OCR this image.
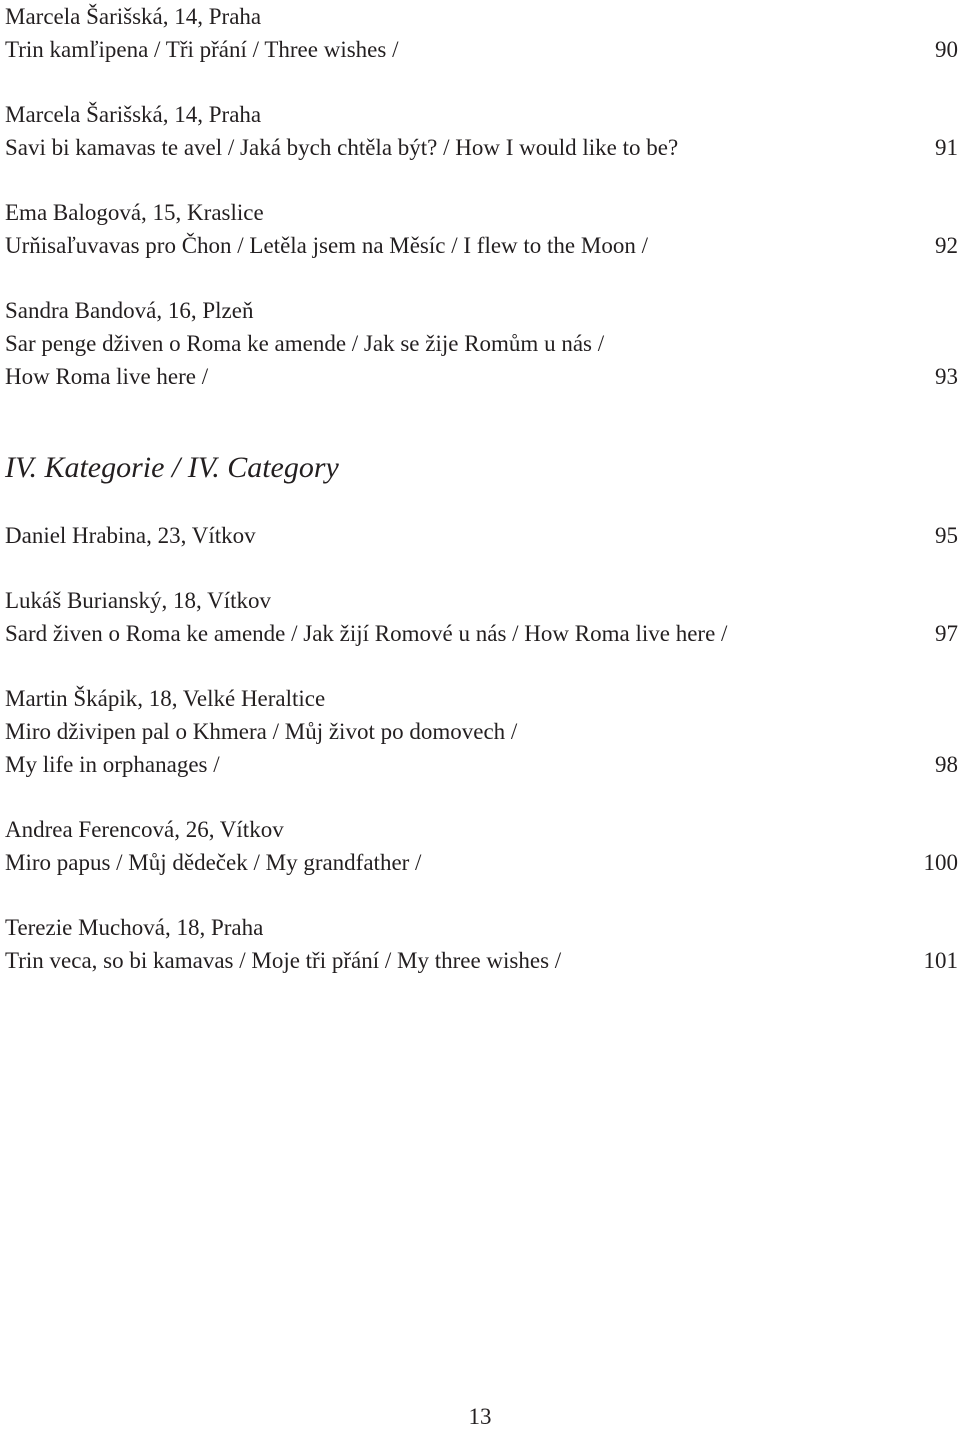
Marcela Šarišská, 14, Praha
Trin kamľipena / Tři přání / Three wishes /	90
Marcela Šarišská, 14, Praha
Savi bi kamavas te avel / Jaká bych chtěla být? / How I would like to be?	91
Ema Balogová, 15, Kraslice
Urňisaľuvavas pro Čhon / Letěla jsem na Měsíc / I flew to the Moon /	92
Sandra Bandová, 16, Plzeň
Sar penge dživen o Roma ke amende / Jak se žije Romům u nás /
How Roma live here /	93
IV. Kategorie / IV. Category
Daniel Hrabina, 23, Vítkov	95
Lukáš Buriansk‎ý, 18, Vítkov
Sard živen o Roma ke amende / Jak žijí Romové u nás / How Roma live here /	97
Martin Škápik, 18, Velké Heraltice
Miro dživipen pal o Khmera / Můj život po domovech /
My life in orphanages /	98
Andrea Ferencová, 26, Vítkov
Miro papus / Můj dědeček / My grandfather /	100
Terezie Muchová, 18, Praha
Trin veca, so bi kamavas / Moje tři přání / My three wishes /	101
13
